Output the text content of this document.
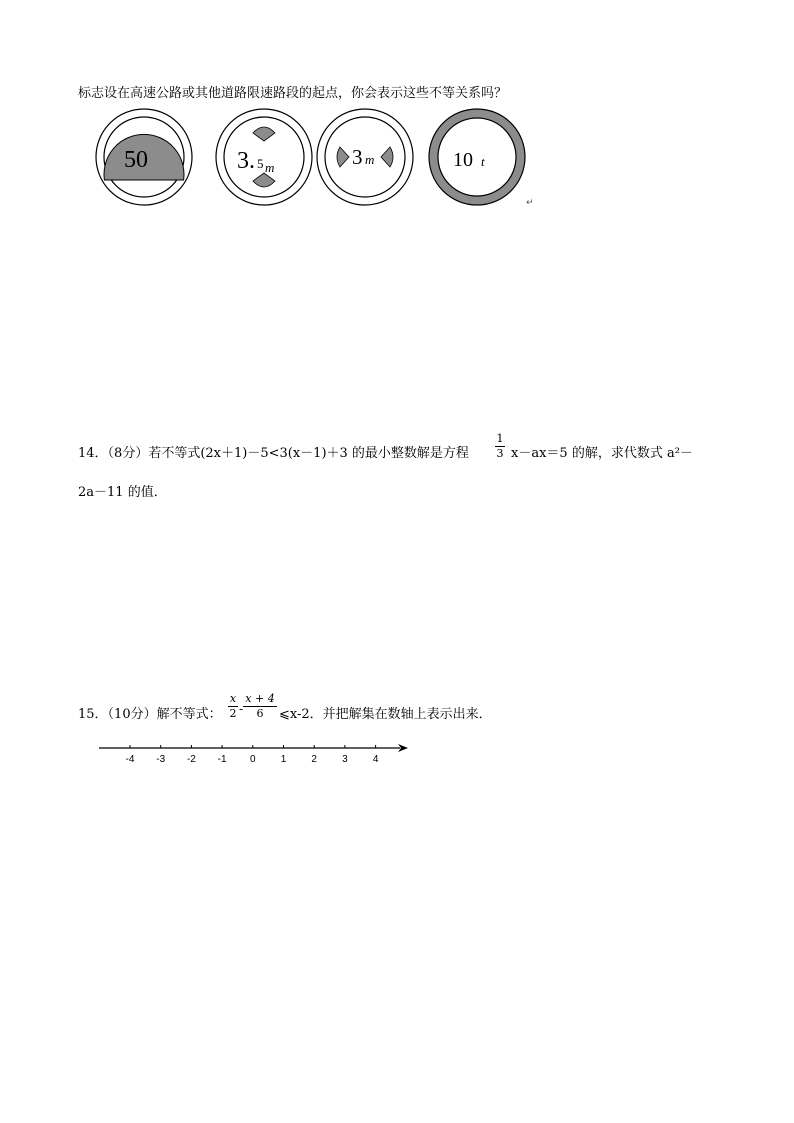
标志设在高速公路或其他道路限速路段的起点，你会表示这些不等关系吗？
50	3. 5 m	3 m	10 t
↵
14．（8分）若不等式(2x＋1)－5<3(x－1)＋3 的最小整数解是方程
1
3 x－ax＝5 的解，求代数式 a²－
2a－11 的值．
15．（10分）解不等式：
x
2 -
x + 4
6	⩽x-2．并把解集在数轴上表示出来．
-4	-3	-2	-1	0	1	2	3	4
